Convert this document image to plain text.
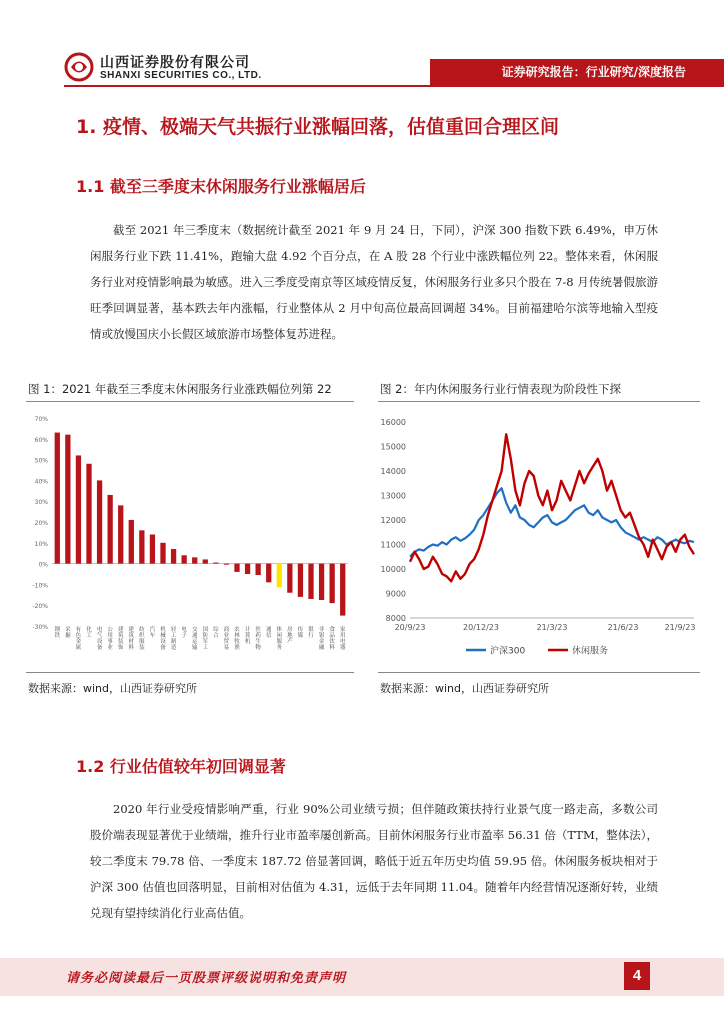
山西证券股份有限公司
SHANXI SECURITIES CO., LTD.	证券研究报告：行业研究/深度报告
1. 疫情、极端天气共振行业涨幅回落，估值重回合理区间
1.1 截至三季度末休闲服务行业涨幅居后
截至 2021 年三季度末（数据统计截至 2021 年 9 月 24 日，下同），沪深 300 指数下跌 6.49%，申万休闲服务行业下跌 11.41%，跑输大盘 4.92 个百分点，在 A 股 28 个行业中涨跌幅位列 22。整体来看，休闲服务行业对疫情影响最为敏感。进入三季度受南京等区域疫情反复，休闲服务行业多只个股在 7-8 月传统暑假旅游旺季回调显著，基本跌去年内涨幅，行业整体从 2 月中旬高位最高回调超 34%。目前福建哈尔滨等地输入型疫情或放慢国庆小长假区域旅游市场整体复苏进程。
图 1：2021 年截至三季度末休闲服务行业涨跌幅位列第 22	图 2：年内休闲服务行业行情表现为阶段性下探
70%
60%
50%
40%
30%
20%
10%
0%
-10%
-20%
-30% 钢铁
采掘
有色金属
化工
电气设备
公用事业
建筑装饰
建筑材料
纺织服装
汽车
机械设备
轻工制造
电子
交通运输
国防军工
综合
商业贸易
农林牧渔
计算机
医药生物
通信
休闲服务
房地产
传媒
银行
非银金融
食品饮料
家用电器
16000
15000
14000
13000
12000
11000
10000
9000
8000
20/9/23	20/12/23	21/3/23	21/6/23	21/9/23
沪深300	休闲服务
数据来源：wind，山西证券研究所	数据来源：wind，山西证券研究所
1.2 行业估值较年初回调显著
2020 年行业受疫情影响严重，行业 90%公司业绩亏损；但伴随政策扶持行业景气度一路走高，多数公司股价端表现显著优于业绩端，推升行业市盈率屡创新高。目前休闲服务行业市盈率 56.31 倍（TTM，整体法），较二季度末 79.78 倍、一季度末 187.72 倍显著回调，略低于近五年历史均值 59.95 倍。休闲服务板块相对于沪深 300 估值也回落明显，目前相对估值为 4.31，远低于去年同期 11.04。随着年内经营情况逐渐好转，业绩兑现有望持续消化行业高估值。
请务必阅读最后一页股票评级说明和免责声明	4
